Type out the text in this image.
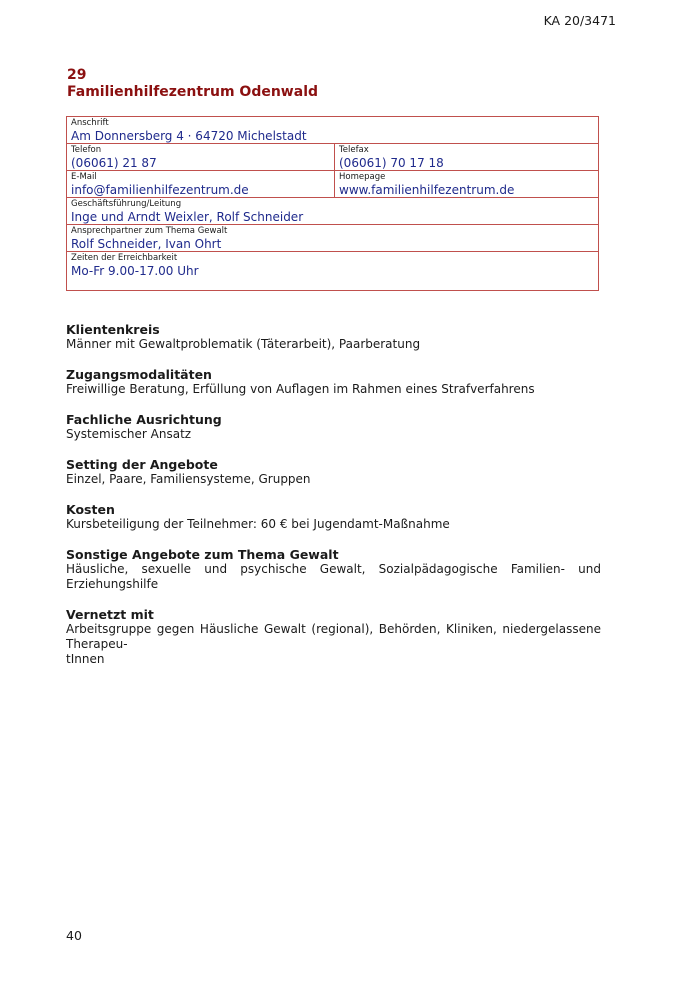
KA 20/3471
29
Familienhilfezentrum Odenwald
Anschrift
Am Donnersberg 4 · 64720 Michelstadt
Telefon
(06061) 21 87
Telefax
(06061) 70 17 18
E-Mail
info@familienhilfezentrum.de
Homepage
www.familienhilfezentrum.de
Geschäftsführung/Leitung
Inge und Arndt Weixler, Rolf Schneider
Ansprechpartner zum Thema Gewalt
Rolf Schneider, Ivan Ohrt
Zeiten der Erreichbarkeit
Mo-Fr 9.00-17.00 Uhr
Klientenkreis
Männer mit Gewaltproblematik (Täterarbeit), Paarberatung
Zugangsmodalitäten
Freiwillige Beratung, Erfüllung von Auflagen im Rahmen eines Strafverfahrens
Fachliche Ausrichtung
Systemischer Ansatz
Setting der Angebote
Einzel, Paare, Familiensysteme, Gruppen
Kosten
Kursbeteiligung der Teilnehmer: 60 € bei Jugendamt-Maßnahme
Sonstige Angebote zum Thema Gewalt
Häusliche, sexuelle und psychische Gewalt, Sozialpädagogische Familien- und Erziehungshilfe
Vernetzt mit
Arbeitsgruppe gegen Häusliche Gewalt (regional), Behörden, Kliniken, niedergelassene Therapeu-
tInnen
40
